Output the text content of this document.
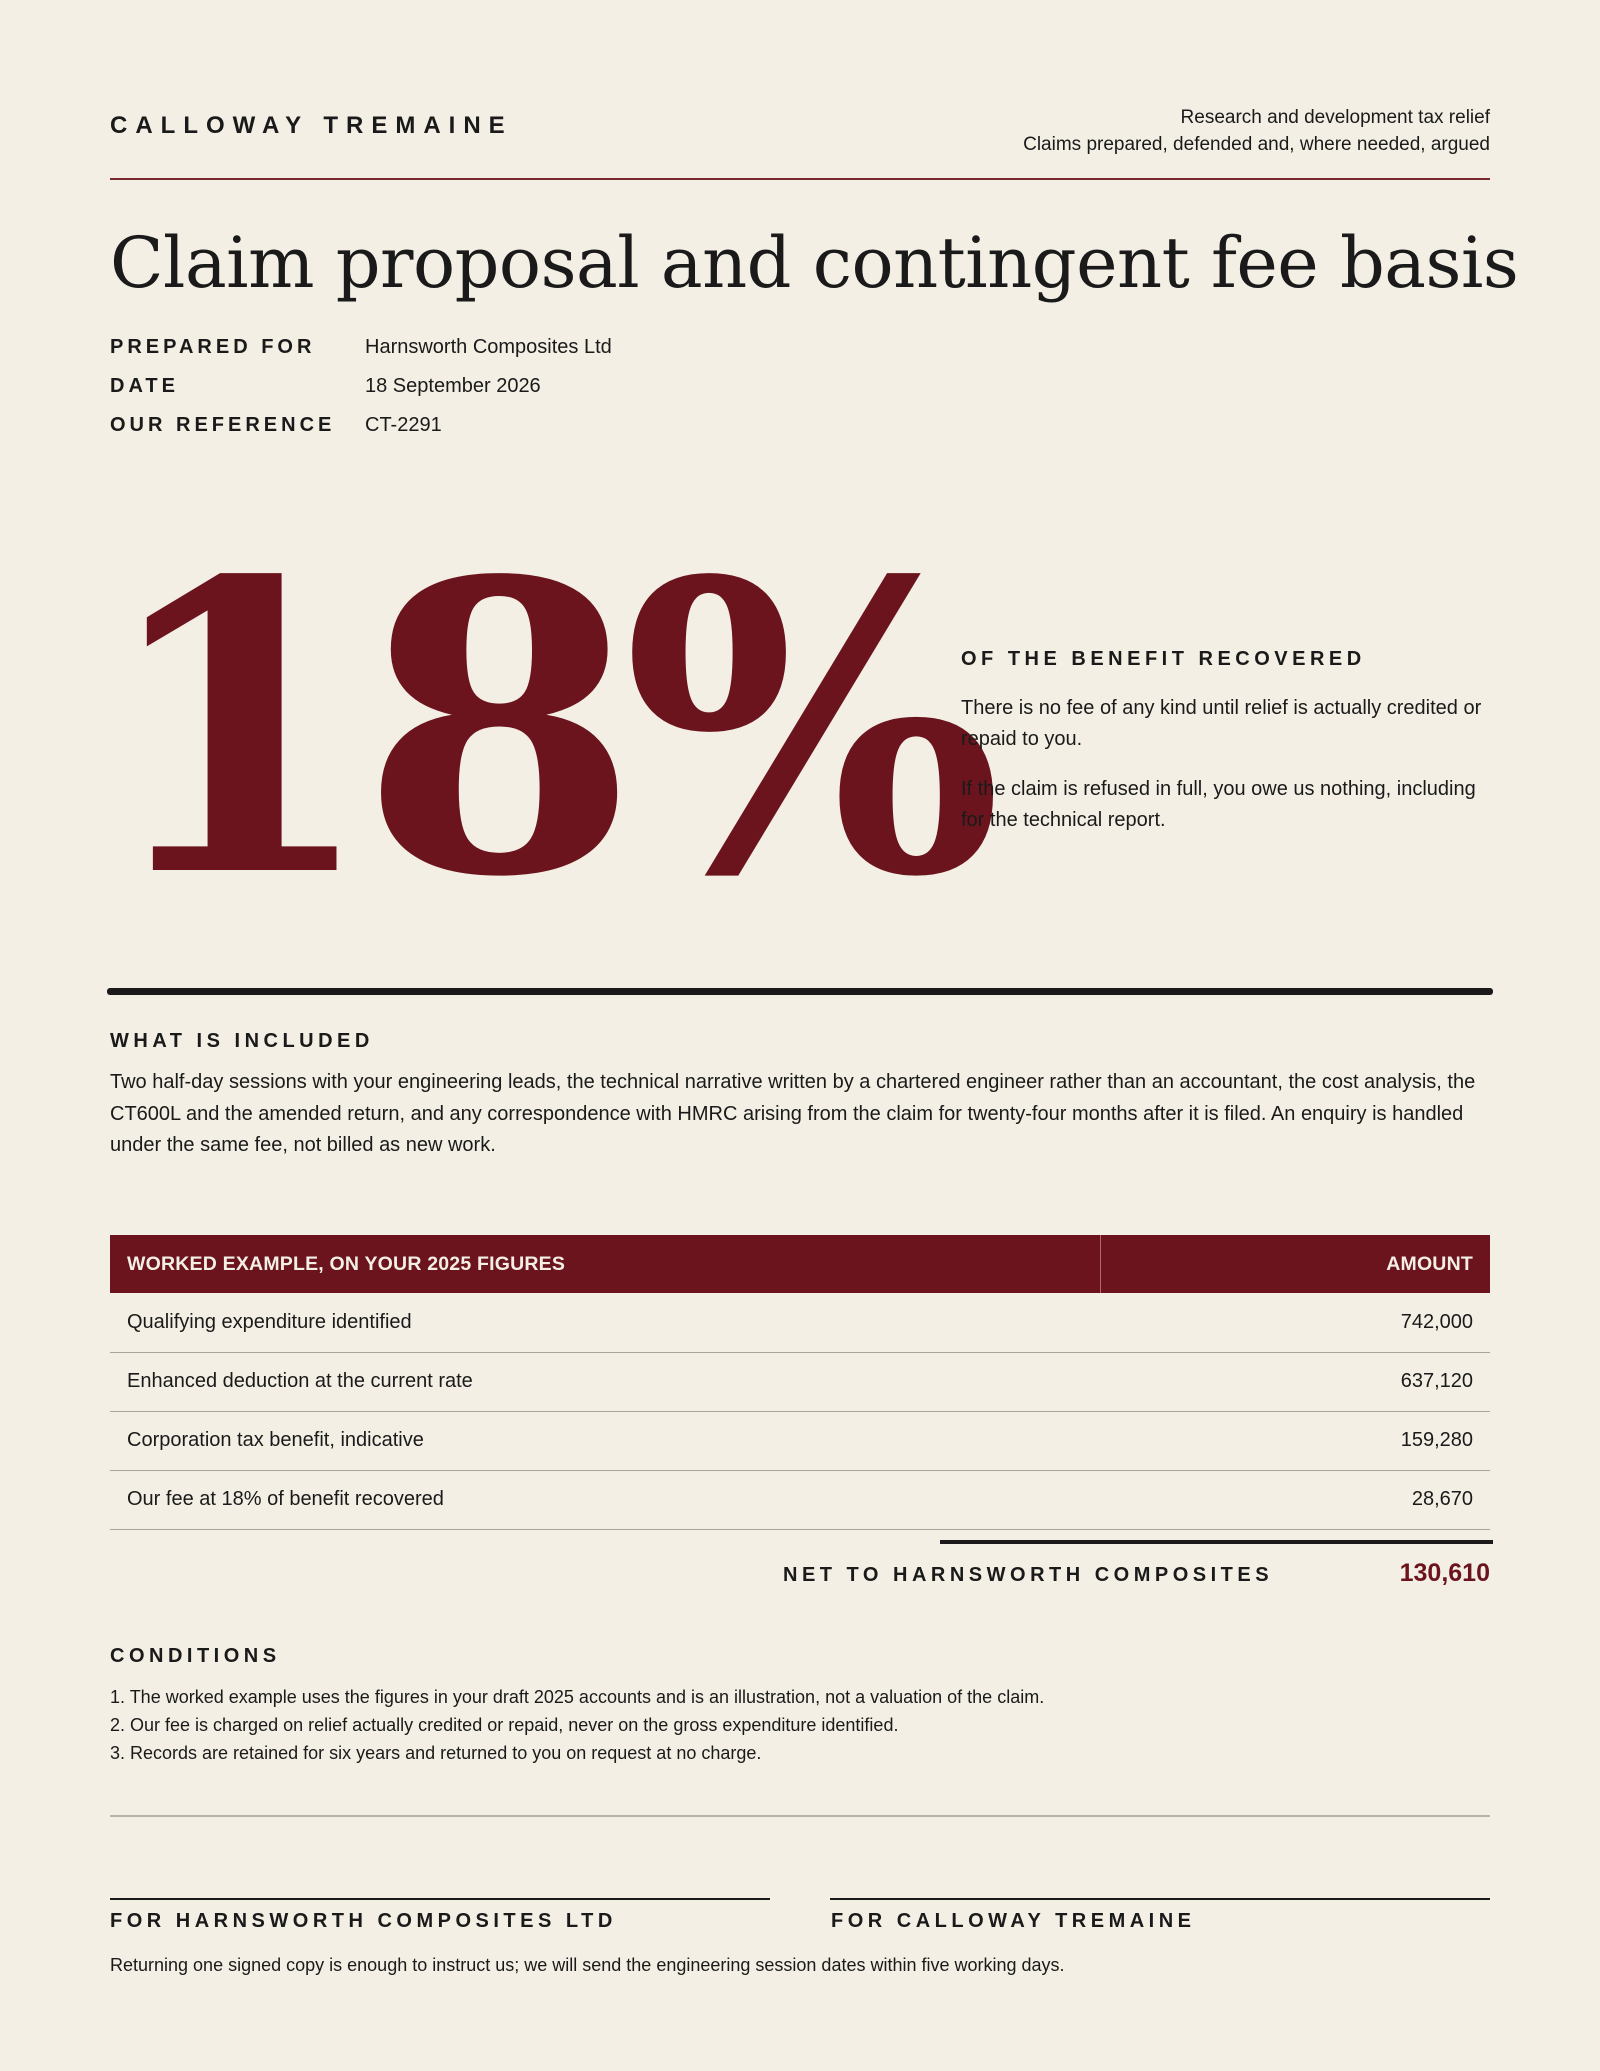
CALLOWAY TREMAINE	Research and development tax relief
Claims prepared, defended and, where needed, argued
Claim proposal and contingent fee basis
PREPARED FOR	Harnsworth Composites Ltd
DATE	18 September 2026
OUR REFERENCE	CT-2291
18%
OF THE BENEFIT RECOVERED

There is no fee of any kind until relief is actually credited or repaid to you.

If the claim is refused in full, you owe us nothing, including for the technical report.

WHAT IS INCLUDED

Two half-day sessions with your engineering leads, the technical narrative written by a chartered engineer rather than an accountant, the cost analysis, the CT600L and the amended return, and any correspondence with HMRC arising from the claim for twenty-four months after it is filed. An enquiry is handled under the same fee, not billed as new work.

WORKED EXAMPLE, ON YOUR 2025 FIGURES	AMOUNT
Qualifying expenditure identified	742,000
Enhanced deduction at the current rate	637,120
Corporation tax benefit, indicative	159,280
Our fee at 18% of benefit recovered	28,670
NET TO HARNSWORTH COMPOSITES	130,610
CONDITIONS
1. The worked example uses the figures in your draft 2025 accounts and is an illustration, not a valuation of the claim.
2. Our fee is charged on relief actually credited or repaid, never on the gross expenditure identified.
3. Records are retained for six years and returned to you on request at no charge.
FOR HARNSWORTH COMPOSITES LTD	FOR CALLOWAY TREMAINE

Returning one signed copy is enough to instruct us; we will send the engineering session dates within five working days.
